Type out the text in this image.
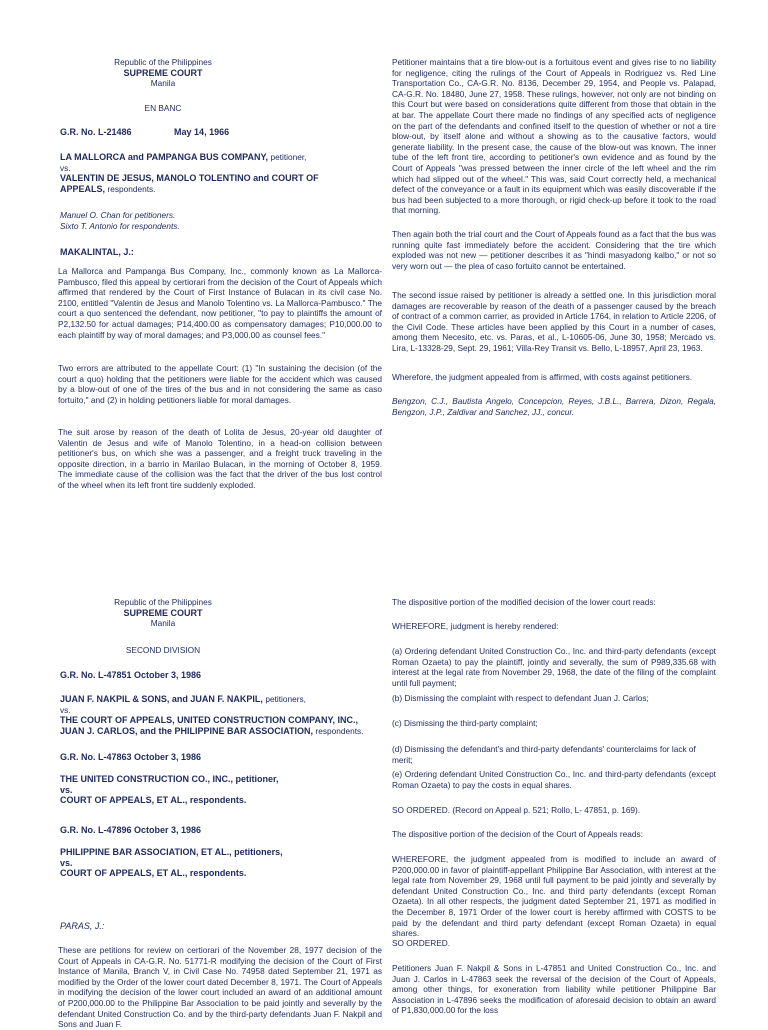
Republic of the Philippines
SUPREME COURT
Manila
EN BANC
G.R. No. L-21486	May 14, 1966

LA MALLORCA and PAMPANGA BUS COMPANY, petitioner,

vs.

VALENTIN DE JESUS, MANOLO TOLENTINO and COURT OF APPEALS, respondents.

Manuel O. Chan for petitioners.

Sixto T. Antonio for respondents.

MAKALINTAL, J.:

La Mallorca and Pampanga Bus Company, Inc., commonly known as La Mallorca-Pambusco, filed this appeal by certiorari from the decision of the Court of Appeals which affirmed that rendered by the Court of First Instance of Bulacan in its civil case No. 2100, entitled "Valentin de Jesus and Manolo Tolentino vs. La Mallorca-Pambusco." The court a quo sentenced the defendant, now petitioner, "to pay to plaintiffs the amount of P2,132.50 for actual damages; P14,400.00 as compensatory damages; P10,000.00 to each plaintiff by way of moral damages; and P3,000.00 as counsel fees."

Two errors are attributed to the appellate Court: (1) "In sustaining the decision (of the court a quo) holding that the petitioners were liable for the accident which was caused by a blow-out of one of the tires of the bus and in not considering the same as caso fortuito," and (2) in holding petitioners liable for moral damages.

The suit arose by reason of the death of Lolita de Jesus, 20-year old daughter of Valentin de Jesus and wife of Manolo Tolentino, in a head-on collision between petitioner's bus, on which she was a passenger, and a freight truck traveling in the opposite direction, in a barrio in Marilao Bulacan, in the morning of October 8, 1959. The immediate cause of the collision was the fact that the driver of the bus lost control of the wheel when its left front tire suddenly exploded.

Petitioner maintains that a tire blow-out is a fortuitous event and gives rise to no liability for negligence, citing the rulings of the Court of Appeals in Rodriguez vs. Red Line Transportation Co., CA-G.R. No. 8136, December 29, 1954, and People vs. Palapad, CA-G.R. No. 18480, June 27, 1958. These rulings, however, not only are not binding on this Court but were based on considerations quite different from those that obtain in the at bar. The appellate Court there made no findings of any specified acts of negligence on the part of the defendants and confined itself to the question of whether or not a tire blow-out, by itself alone and without a showing as to the causative factors, would generate liability. In the present case, the cause of the blow-out was known. The inner tube of the left front tire, according to petitioner's own evidence and as found by the Court of Appeals "was pressed between the inner circle of the left wheel and the rim which had slipped out of the wheel." This was, said Court correctly held, a mechanical defect of the conveyance or a fault in its equipment which was easily discoverable if the bus had been subjected to a more thorough, or rigid check-up before it took to the road that morning.

Then again both the trial court and the Court of Appeals found as a fact that the bus was running quite fast immediately before the accident. Considering that the tire which exploded was not new — petitioner describes it as "hindi masyadong kalbo," or not so very worn out — the plea of caso fortuito cannot be entertained.

The second issue raised by petitioner is already a settled one. In this jurisdiction moral damages are recoverable by reason of the death of a passenger caused by the breach of contract of a common carrier, as provided in Article 1764, in relation to Article 2206, of the Civil Code. These articles have been applied by this Court in a number of cases, among them Necesito, etc. vs. Paras, et al., L-10605-06, June 30, 1958; Mercado vs. Lira, L-13328-29, Sept. 29, 1961; Villa-Rey Transit vs. Bello, L-18957, April 23, 1963.

Wherefore, the judgment appealed from is affirmed, with costs against petitioners.

Bengzon, C.J., Bautista Angelo, Concepcion, Reyes, J.B.L., Barrera, Dizon, Regala, Bengzon, J.P., Zaldivar and Sanchez, JJ., concur.

Republic of the Philippines
SUPREME COURT
Manila
SECOND DIVISION
G.R. No. L-47851 October 3, 1986

JUAN F. NAKPIL & SONS, and JUAN F. NAKPIL, petitioners,

vs.

THE COURT OF APPEALS, UNITED CONSTRUCTION COMPANY, INC., JUAN J. CARLOS, and the PHILIPPINE BAR ASSOCIATION, respondents.

G.R. No. L-47863 October 3, 1986

THE UNITED CONSTRUCTION CO., INC., petitioner,

vs.

COURT OF APPEALS, ET AL., respondents.

G.R. No. L-47896 October 3, 1986

PHILIPPINE BAR ASSOCIATION, ET AL., petitioners,

vs.

COURT OF APPEALS, ET AL., respondents.

PARAS, J.:

These are petitions for review on certiorari of the November 28, 1977 decision of the Court of Appeals in CA-G.R. No. 51771-R modifying the decision of the Court of First Instance of Manila, Branch V, in Civil Case No. 74958 dated September 21, 1971 as modified by the Order of the lower court dated December 8, 1971. The Court of Appeals in modifying the decision of the lower court included an award of an additional amount of P200,000.00 to the Philippine Bar Association to be paid jointly and severally by the defendant United Construction Co. and by the third-party defendants Juan F. Nakpil and Sons and Juan F.

The dispositive portion of the modified decision of the lower court reads:

WHEREFORE, judgment is hereby rendered:

(a) Ordering defendant United Construction Co., Inc. and third-party defendants (except Roman Ozaeta) to pay the plaintiff, jointly and severally, the sum of P989,335.68 with interest at the legal rate from November 29, 1968, the date of the filing of the complaint until full payment;

(b) Dismissing the complaint with respect to defendant Juan J. Carlos;

(c) Dismissing the third-party complaint;

(d) Dismissing the defendant's and third-party defendants' counterclaims for lack of merit;

(e) Ordering defendant United Construction Co., Inc. and third-party defendants (except Roman Ozaeta) to pay the costs in equal shares.

SO ORDERED. (Record on Appeal p. 521; Rollo, L- 47851, p. 169).

The dispositive portion of the decision of the Court of Appeals reads:

WHEREFORE, the judgment appealed from is modified to include an award of P200,000.00 in favor of plaintiff-appellant Philippine Bar Association, with interest at the legal rate from November 29, 1968 until full payment to be paid jointly and severally by defendant United Construction Co., Inc. and third party defendants (except Roman Ozaeta). In all other respects, the judgment dated September 21, 1971 as modified in the December 8, 1971 Order of the lower court is hereby affirmed with COSTS to be paid by the defendant and third party defendant (except Roman Ozaeta) in equal shares.

SO ORDERED.

Petitioners Juan F. Nakpil & Sons in L-47851 and United Construction Co., Inc. and Juan J. Carlos in L-47863 seek the reversal of the decision of the Court of Appeals, among other things, for exoneration from liability while petitioner Philippine Bar Association in L-47896 seeks the modification of aforesaid decision to obtain an award of P1,830,000.00 for the loss
